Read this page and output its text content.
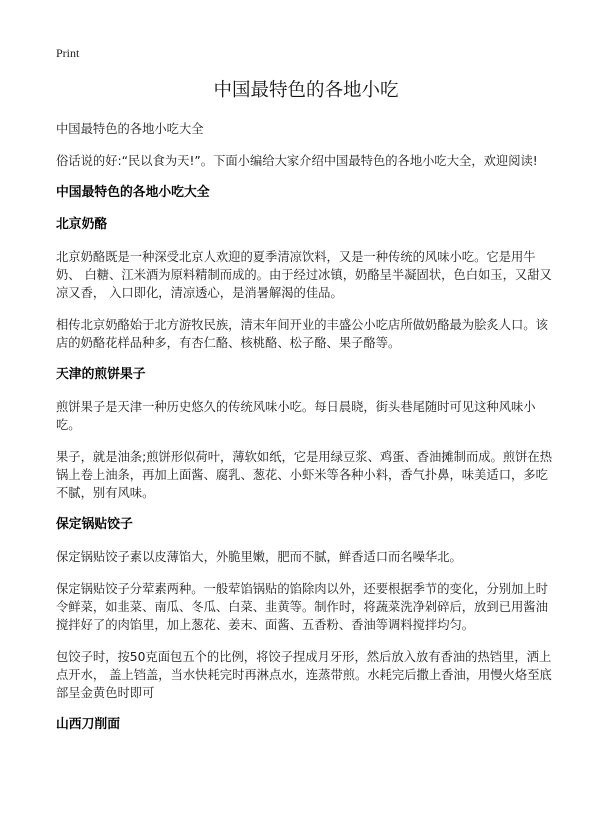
Print
中国最特色的各地小吃

中国最特色的各地小吃大全

俗话说的好:“民以食为天!”。下面小编给大家介绍中国最特色的各地小吃大全，欢迎阅读!

中国最特色的各地小吃大全
北京奶酪

北京奶酪既是一种深受北京人欢迎的夏季清凉饮料，又是一种传统的风味小吃。它是用牛奶、 白糖、江米酒为原料精制而成的。由于经过冰镇，奶酪呈半凝固状，色白如玉，又甜又凉又香， 入口即化，清凉透心，是消暑解渴的佳品。

相传北京奶酪始于北方游牧民族，清末年间开业的丰盛公小吃店所做奶酪最为脍炙人口。该店的奶酪花样品种多，有杏仁酪、核桃酪、松子酪、果子酪等。

天津的煎饼果子

煎饼果子是天津一种历史悠久的传统风味小吃。每日晨晓，街头巷尾随时可见这种风味小吃。

果子，就是油条;煎饼形似荷叶，薄软如纸，它是用绿豆浆、鸡蛋、香油摊制而成。煎饼在热锅上卷上油条，再加上面酱、腐乳、葱花、小虾米等各种小料，香气扑鼻，味美适口，多吃不腻，别有风味。

保定锅贴饺子

保定锅贴饺子素以皮薄馅大，外脆里嫩，肥而不腻，鲜香适口而名噪华北。

保定锅贴饺子分荤素两种。一般荤馅锅贴的馅除肉以外，还要根据季节的变化，分别加上时令鲜菜，如韭菜、南瓜、冬瓜、白菜、韭黄等。制作时，将蔬菜洗净剁碎后，放到已用酱油搅拌好了的肉馅里，加上葱花、姜末、面酱、五香粉、香油等调料搅拌均匀。

包饺子时，按50克面包五个的比例，将饺子捏成月牙形，然后放入放有香油的热铛里，洒上点开水， 盖上铛盖，当水快耗完时再淋点水，连蒸带煎。水耗完后撒上香油，用慢火烙至底部呈金黄色时即可

山西刀削面
